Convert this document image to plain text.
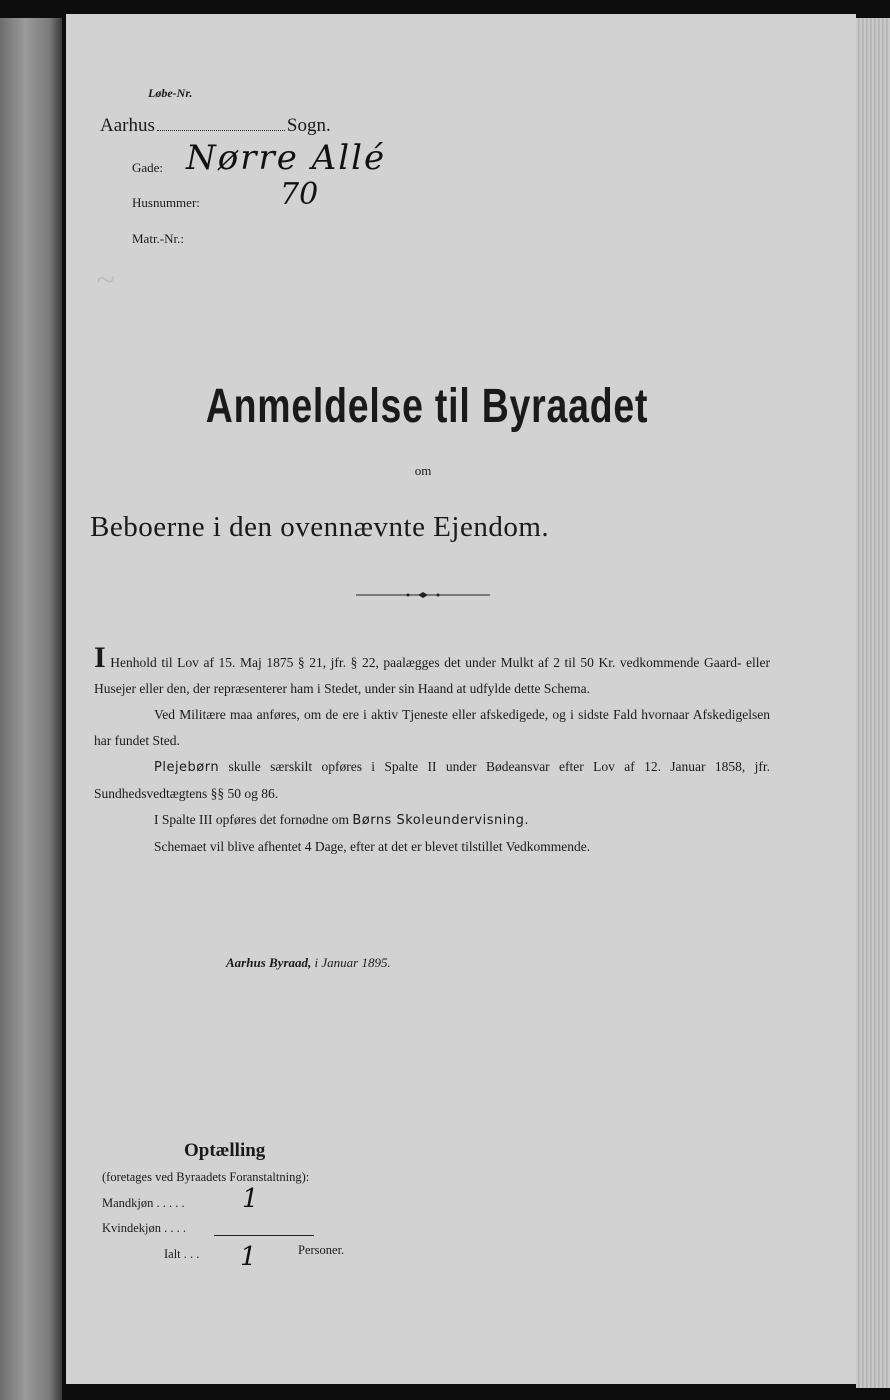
~
Løbe-Nr.
Aarhus	Sogn.
Gade: Nørre Allé
Husnummer:	70
Matr.-Nr.:
Anmeldelse til Byraadet
om
Beboerne i den ovennævnte Ejendom.

I Henhold til Lov af 15. Maj 1875 § 21, jfr. § 22, paalægges det under Mulkt af 2 til 50 Kr. vedkommende Gaard- eller Husejer eller den, der repræsenterer ham i Stedet, under sin Haand at udfylde dette Schema.

Ved Militære maa anføres, om de ere i aktiv Tjeneste eller afskedigede, og i sidste Fald hvornaar Afskedigelsen har fundet Sted.

Plejebørn skulle særskilt opføres i Spalte II under Bødeansvar efter Lov af 12. Januar 1858, jfr. Sundhedsvedtægtens §§ 50 og 86.

I Spalte III opføres det fornødne om Børns Skoleundervisning.

Schemaet vil blive afhentet 4 Dage, efter at det er blevet tilstillet Vedkommende.

Aarhus Byraad, i Januar 1895.
Optælling
(foretages ved Byraadets Foranstaltning):
Mandkjøn . . . . . 1
Kvindekjøn . . . .
Ialt . . . 1	Personer.
